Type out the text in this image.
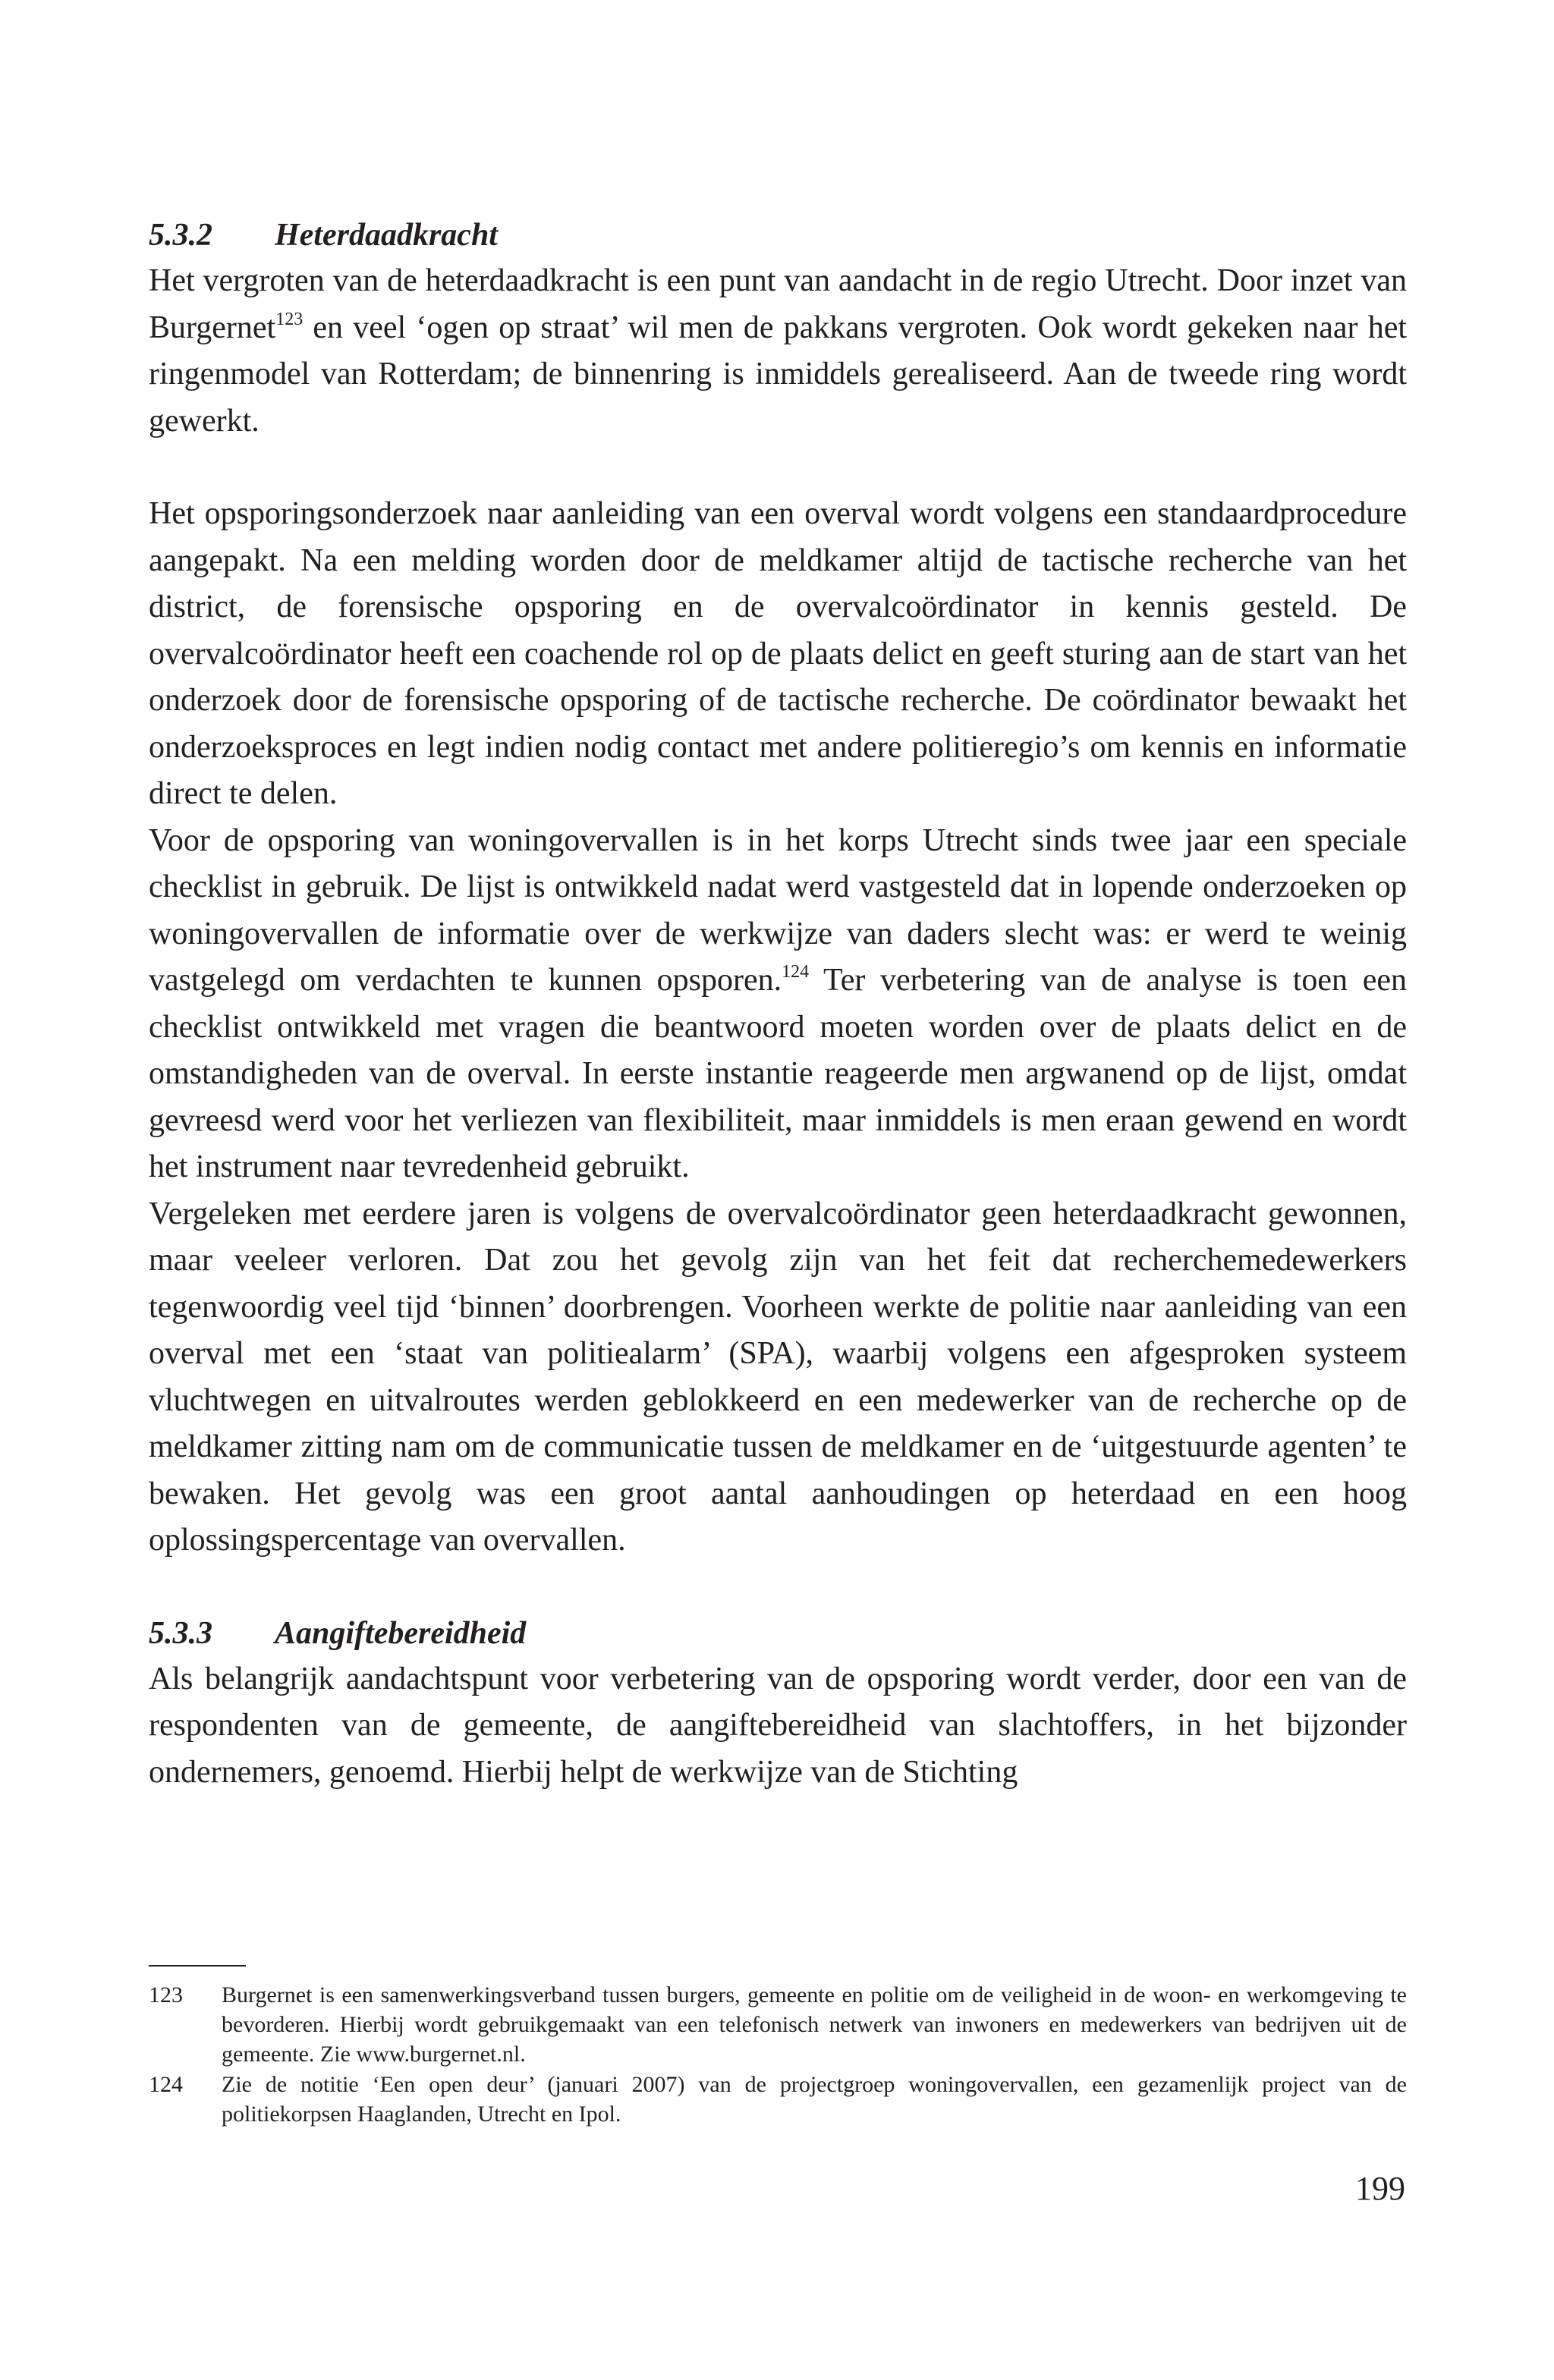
5.3.2 Heterdaadkracht

Het vergroten van de heterdaadkracht is een punt van aandacht in de regio Utrecht. Door inzet van Burgernet$^{123}$ en veel ‘ogen op straat’ wil men de pakkans vergroten. Ook wordt gekeken naar het ringenmodel van Rotterdam; de binnenring is inmiddels gerealiseerd. Aan de tweede ring wordt gewerkt.

Het opsporingsonderzoek naar aanleiding van een overval wordt volgens een standaardprocedure aangepakt. Na een melding worden door de meldkamer altijd de tactische recherche van het district, de forensische opsporing en de overvalcoördinator in kennis gesteld. De overvalcoördinator heeft een coachende rol op de plaats delict en geeft sturing aan de start van het onderzoek door de forensische opsporing of de tactische recherche. De coördinator bewaakt het onderzoeksproces en legt indien nodig contact met andere politieregio’s om kennis en informatie direct te delen.

Voor de opsporing van woningovervallen is in het korps Utrecht sinds twee jaar een speciale checklist in gebruik. De lijst is ontwikkeld nadat werd vastgesteld dat in lopende onderzoeken op woningovervallen de informatie over de werkwijze van daders slecht was: er werd te weinig vastgelegd om verdachten te kunnen opsporen.$^{124}$ Ter verbetering van de analyse is toen een checklist ontwikkeld met vragen die beantwoord moeten worden over de plaats delict en de omstandigheden van de overval. In eerste instantie reageerde men argwanend op de lijst, omdat gevreesd werd voor het verliezen van flexibiliteit, maar inmiddels is men eraan gewend en wordt het instrument naar tevredenheid gebruikt.

Vergeleken met eerdere jaren is volgens de overvalcoördinator geen heterdaadkracht gewonnen, maar veeleer verloren. Dat zou het gevolg zijn van het feit dat recherchemedewerkers tegenwoordig veel tijd ‘binnen’ doorbrengen. Voorheen werkte de politie naar aanleiding van een overval met een ‘staat van politiealarm’ (SPA), waarbij volgens een afgesproken systeem vluchtwegen en uitvalroutes werden geblokkeerd en een medewerker van de recherche op de meldkamer zitting nam om de communicatie tussen de meldkamer en de ‘uitgestuurde agenten’ te bewaken. Het gevolg was een groot aantal aanhoudingen op heterdaad en een hoog oplossingspercentage van overvallen.

5.3.3 Aangiftebereidheid

Als belangrijk aandachtspunt voor verbetering van de opsporing wordt verder, door een van de respondenten van de gemeente, de aangiftebereidheid van slachtoffers, in het bijzonder ondernemers, genoemd. Hierbij helpt de werkwijze van de Stichting

123	Burgernet is een samenwerkingsverband tussen burgers, gemeente en politie om de veiligheid in de woon- en werkomgeving te bevorderen. Hierbij wordt gebruikgemaakt van een telefonisch netwerk van inwoners en medewerkers van bedrijven uit de gemeente. Zie www.burgernet.nl.
124	Zie de notitie ‘Een open deur’ (januari 2007) van de projectgroep woningovervallen, een gezamenlijk project van de politiekorpsen Haaglanden, Utrecht en Ipol.
199
